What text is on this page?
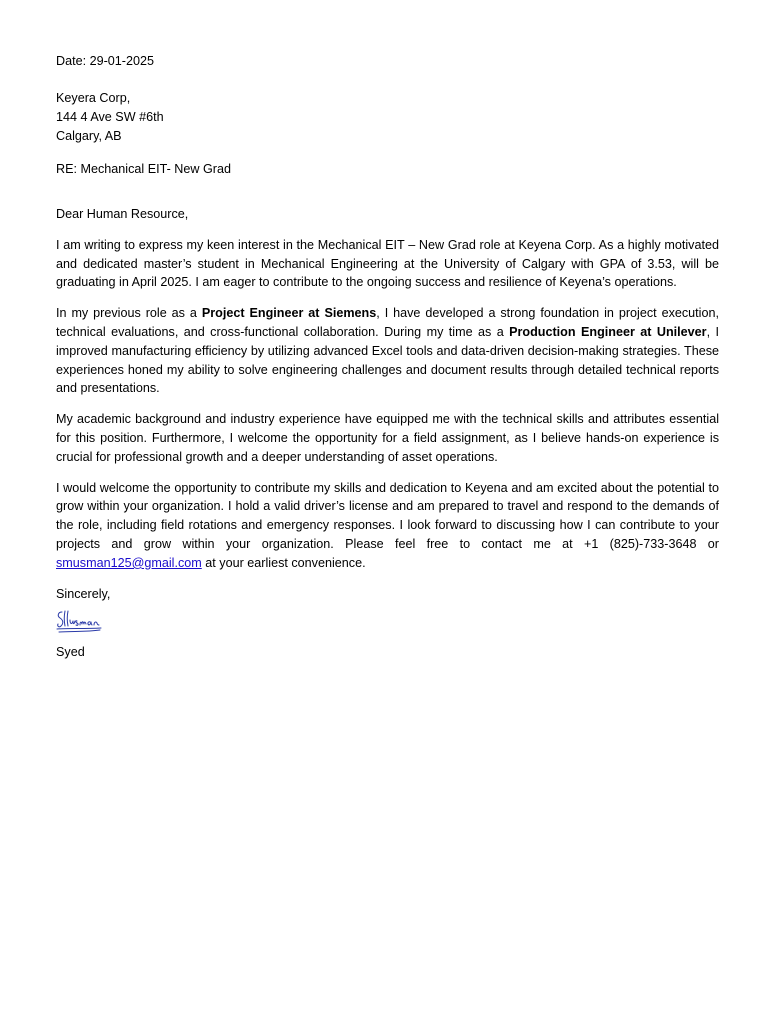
Date: 29-01-2025
Keyera Corp,
144 4 Ave SW #6th
Calgary, AB
RE: Mechanical EIT- New Grad

Dear Human Resource,

I am writing to express my keen interest in the Mechanical EIT – New Grad role at Keyena Corp. As a highly motivated and dedicated master’s student in Mechanical Engineering at the University of Calgary with GPA of 3.53, will be graduating in April 2025. I am eager to contribute to the ongoing success and resilience of Keyena’s operations.

In my previous role as a Project Engineer at Siemens, I have developed a strong foundation in project execution, technical evaluations, and cross-functional collaboration. During my time as a Production Engineer at Unilever, I improved manufacturing efficiency by utilizing advanced Excel tools and data-driven decision-making strategies. These experiences honed my ability to solve engineering challenges and document results through detailed technical reports and presentations.

My academic background and industry experience have equipped me with the technical skills and attributes essential for this position. Furthermore, I welcome the opportunity for a field assignment, as I believe hands-on experience is crucial for professional growth and a deeper understanding of asset operations.

I would welcome the opportunity to contribute my skills and dedication to Keyena and am excited about the potential to grow within your organization. I hold a valid driver’s license and am prepared to travel and respond to the demands of the role, including field rotations and emergency responses. I look forward to discussing how I can contribute to your projects and grow within your organization. Please feel free to contact me at +1 (825)-733-3648 or smusman125@gmail.com at your earliest convenience.

Sincerely,

Syed
